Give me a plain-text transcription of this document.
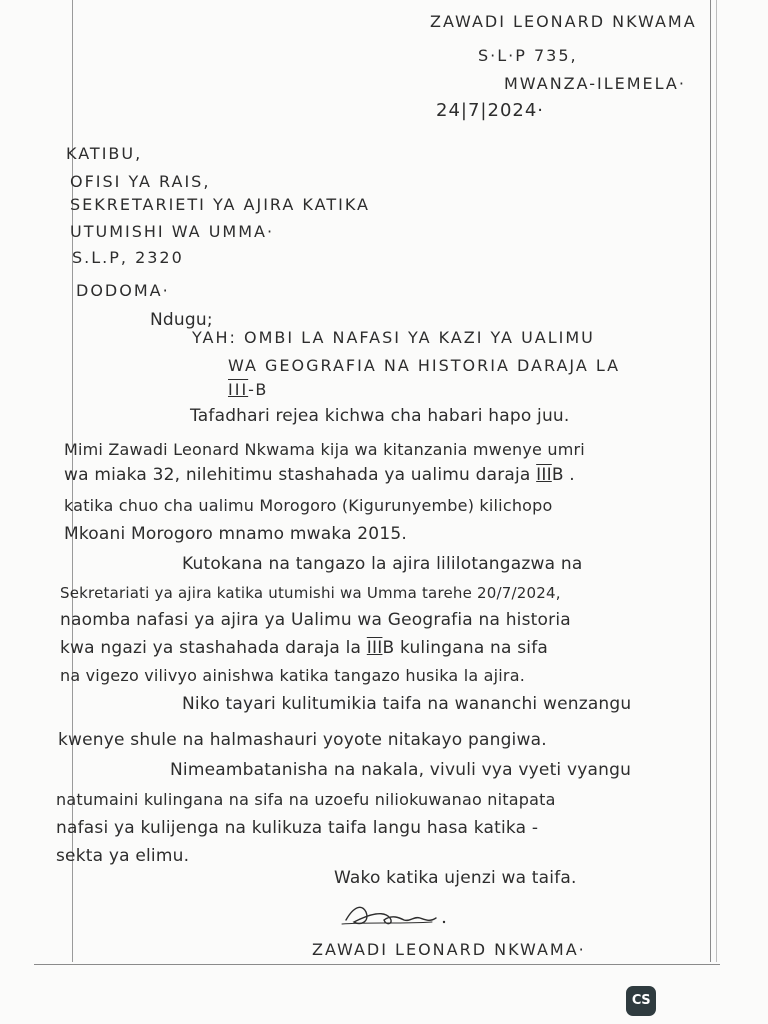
ZAWADI LEONARD NKWAMA
S·L·P 735,
MWANZA-ILEMELA·
24|7|2024·
KATIBU,
OFISI YA RAIS,
SEKRETARIETI YA AJIRA KATIKA
UTUMISHI WA UMMA·
S.L.P, 2320
DODOMA·
Ndugu;
YAH: OMBI LA NAFASI YA KAZI YA UALIMU
WA GEOGRAFIA NA HISTORIA DARAJA LA
III-B
Tafadhari rejea kichwa cha habari hapo juu.
Mimi Zawadi Leonard Nkwama kija wa kitanzania mwenye umri
wa miaka 32, nilehitimu stashahada ya ualimu daraja IIIB .
katika chuo cha ualimu Morogoro (Kigurunyembe) kilichopo
Mkoani Morogoro mnamo mwaka 2015.
Kutokana na tangazo la ajira lililotangazwa na
Sekretariati ya ajira katika utumishi wa Umma tarehe 20/7/2024,
naomba nafasi ya ajira ya Ualimu wa Geografia na historia
kwa ngazi ya stashahada daraja la IIIB kulingana na sifa
na vigezo vilivyo ainishwa katika tangazo husika la ajira.
Niko tayari kulitumikia taifa na wananchi wenzangu
kwenye shule na halmashauri yoyote nitakayo pangiwa.
Nimeambatanisha na nakala, vivuli vya vyeti vyangu
natumaini kulingana na sifa na uzoefu niliokuwanao nitapata
nafasi ya kulijenga na kulikuza taifa langu hasa katika -
sekta ya elimu.
Wako katika ujenzi wa taifa.
ZAWADI LEONARD NKWAMA·
CS
